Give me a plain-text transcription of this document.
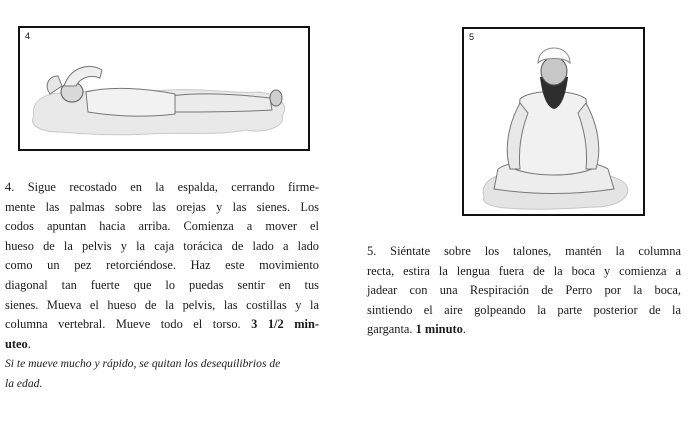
4	5
4. Sigue recostado en la espalda, cerrando firme-
mente las palmas sobre las orejas y las sienes. Los
codos apuntan hacia arriba. Comienza a mover el
hueso de la pelvis y la caja torácica de lado a lado
como un pez retorciéndose. Haz este movimiento
diagonal tan fuerte que lo puedas sentir en tus
sienes. Mueva el hueso de la pelvis, las costillas y la
columna vertebral. Mueve todo el torso. 3 1/2 min-
uteo.
Si te mueve mucho y rápido, se quitan los desequilibrios de
la edad.
5. Siéntate sobre los talones, mantén la columna
recta, estira la lengua fuera de la boca y comienza a
jadear con una Respiración de Perro por la boca,
sintiendo el aire golpeando la parte posterior de la
garganta. 1 minuto.
